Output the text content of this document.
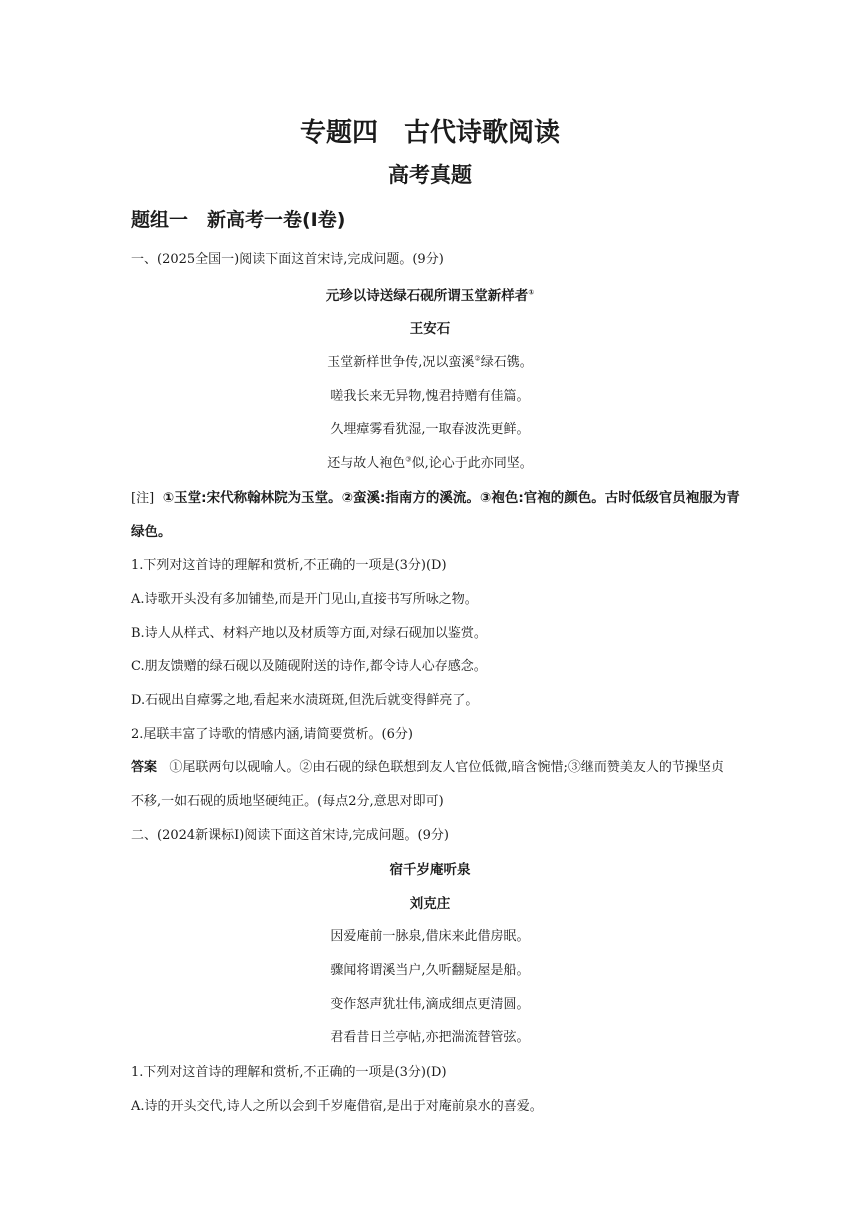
专题四　古代诗歌阅读
高考真题
题组一　新高考一卷(Ⅰ卷)
一、(2025全国一)阅读下面这首宋诗,完成问题。(9分)
元珍以诗送绿石砚所谓玉堂新样者①
王安石
玉堂新样世争传,况以蛮溪②绿石镌。
嗟我长来无异物,愧君持赠有佳篇。
久埋瘴雾看犹湿,一取春波洗更鲜。
还与故人袍色③似,论心于此亦同坚。
[注] ①玉堂:宋代称翰林院为玉堂。②蛮溪:指南方的溪流。③袍色:官袍的颜色。古时低级官员袍服为青
绿色。
1.下列对这首诗的理解和赏析,不正确的一项是(3分)(D)
A.诗歌开头没有多加铺垫,而是开门见山,直接书写所咏之物。
B.诗人从样式、材料产地以及材质等方面,对绿石砚加以鉴赏。
C.朋友馈赠的绿石砚以及随砚附送的诗作,都令诗人心存感念。
D.石砚出自瘴雾之地,看起来水渍斑斑,但洗后就变得鲜亮了。
2.尾联丰富了诗歌的情感内涵,请简要赏析。(6分)
答案 ①尾联两句以砚喻人。②由石砚的绿色联想到友人官位低微,暗含惋惜;③继而赞美友人的节操坚贞
不移,一如石砚的质地坚硬纯正。(每点2分,意思对即可)
二、(2024新课标Ⅰ)阅读下面这首宋诗,完成问题。(9分)
宿千岁庵听泉
刘克庄
因爱庵前一脉泉,借床来此借房眠。
骤闻将谓溪当户,久听翻疑屋是船。
变作怒声犹壮伟,滴成细点更清圆。
君看昔日兰亭帖,亦把湍流替管弦。
1.下列对这首诗的理解和赏析,不正确的一项是(3分)(D)
A.诗的开头交代,诗人之所以会到千岁庵借宿,是出于对庵前泉水的喜爱。
